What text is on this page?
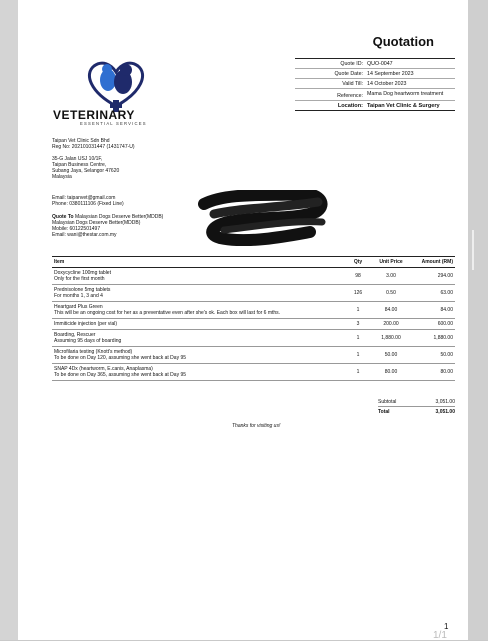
Quotation
Quote ID: QUO-0047
Quote Date: 14 September 2023
Valid Till: 14 October 2023
Reference: Mama Dog heartworm treatment
Location: Taipan Vet Clinic & Surgery
VETERINARY
ESSENTIAL SERVICES
Taipan Vet Clinic Sdn Bhd
Reg No: 202101031447 (1431747-U)
35-G Jalan USJ 10/1F,
Taipan Business Centre,
Subang Jaya, Selangor 47620
Malaysia
Email: taipanvet@gmail.com
Phone: 0380111106 (Fixed Line)
Quote To Malaysian Dogs Deserve Better(MDDB)
Malaysian Dogs Deserve Better(MDDB)
Mobile: 60122501497
Email: wani@thestar.com.my
Item	Qty	Unit Price	Amount (RM)

Doxycycline 100mg tablet
Only for the first month	98	3.00	294.00

Prednisolone 5mg tablets
For months 1, 3 and 4	126	0.50	63.00

Heartgard Plus Green
This will be an ongoing cost for her as a preventative even after she's ok. Each box will last for 6 mths.	1	84.00	84.00

Immiticide injection (per vial)	3	200.00	600.00

Boarding, Rescuer
Assuming 95 days of boarding	1	1,880.00	1,880.00

Microfilaria testing (Knott's method)
To be done on Day 120, assuming she went back at Day 95	1	50.00	50.00

SNAP 4Dx (heartworm, E.canis, Anaplasma)
To be done on Day 365, assuming she went back at Day 95	1	80.00	80.00
Subtotal	3,051.00
Total	3,051.00
Thanks for visiting us!
1
1/1
